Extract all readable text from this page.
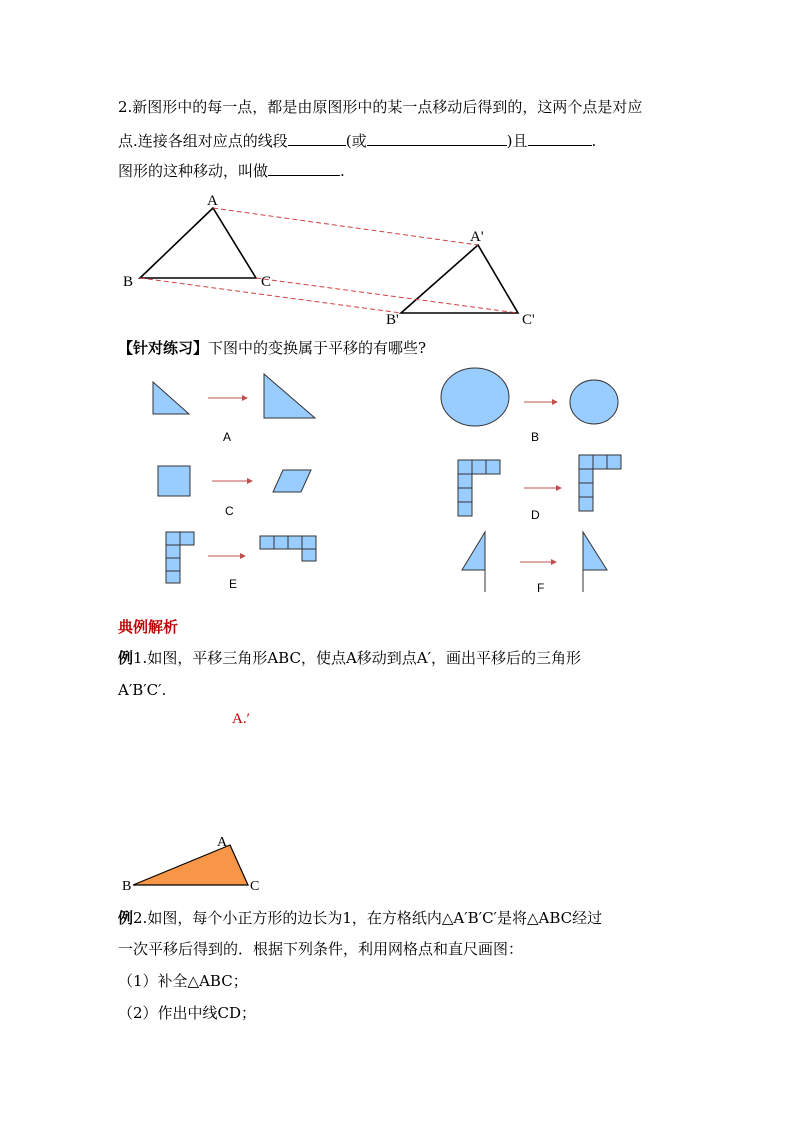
2.新图形中的每一点，都是由原图形中的某一点移动后得到的，这两个点是对应
点.连接各组对应点的线段	(或	)且	.
图形的这种移动，叫做	.
A
B	C
A'
B'	C'
【针对练习】下图中的变换属于平移的有哪些?
A	B
C	D
E	F
典例解析
例1.如图，平移三角形ABC，使点A移动到点A′，画出平移后的三角形
A′B′C′.
A.′
A
B	C
例2.如图，每个小正方形的边长为1，在方格纸内△A′B′C′是将△ABC经过
一次平移后得到的．根据下列条件，利用网格点和直尺画图：
（1）补全△ABC；
（2）作出中线CD；
